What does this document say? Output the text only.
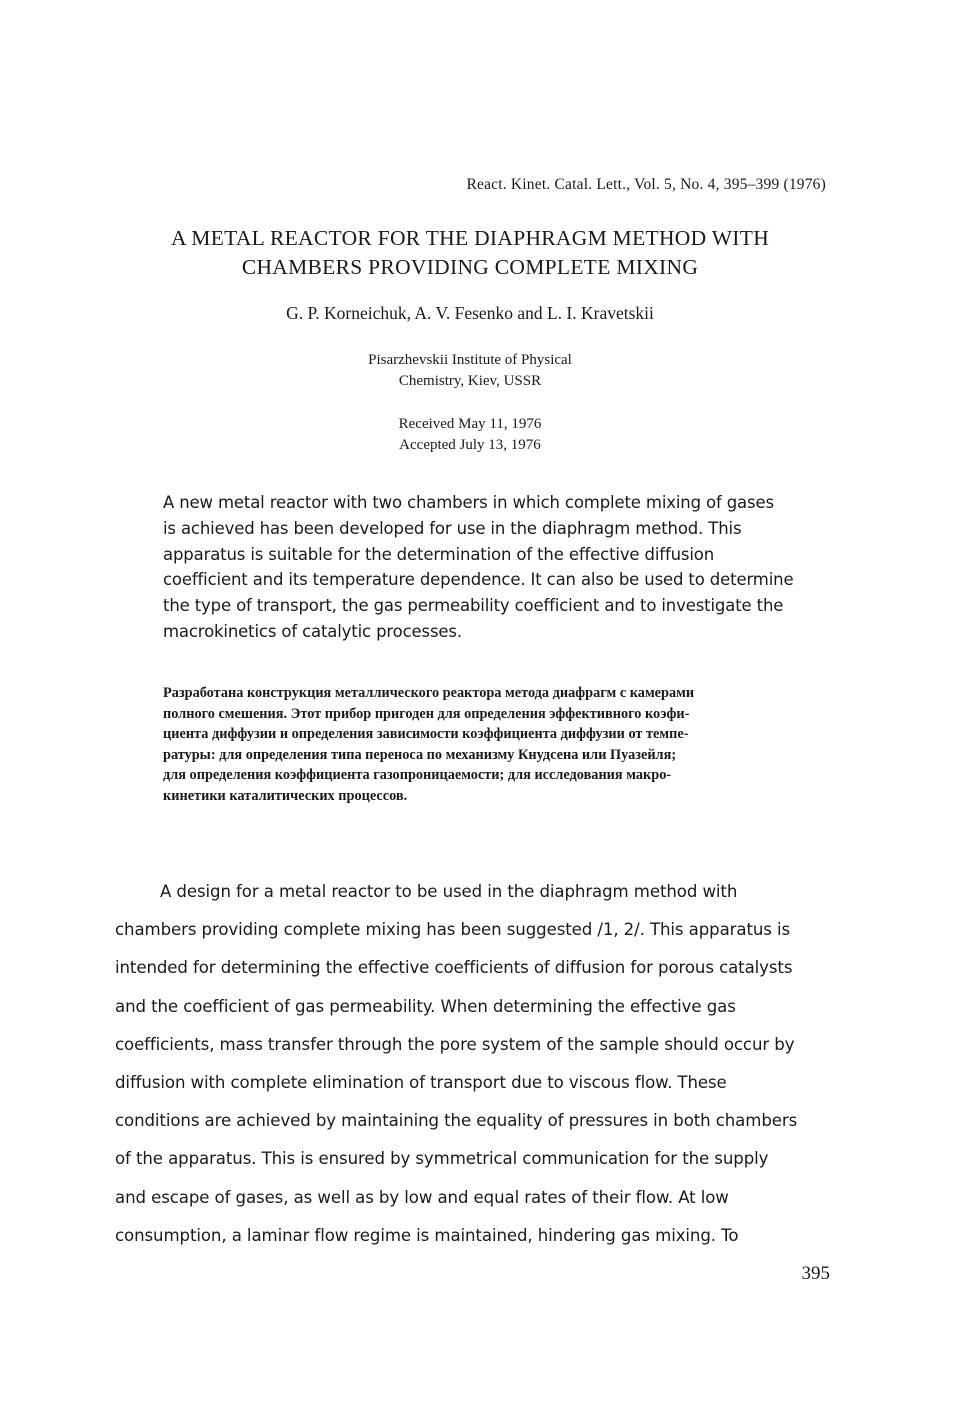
React. Kinet. Catal. Lett., Vol. 5, No. 4, 395–399 (1976)
A METAL REACTOR FOR THE DIAPHRAGM METHOD WITH
CHAMBERS PROVIDING COMPLETE MIXING
G. P. Korneichuk, A. V. Fesenko and L. I. Kravetskii
Pisarzhevskii Institute of Physical
Chemistry, Kiev, USSR
Received May 11, 1976
Accepted July 13, 1976
A new metal reactor with two chambers in which complete mixing of gases
is achieved has been developed for use in the diaphragm method. This
apparatus is suitable for the determination of the effective diffusion
coefficient and its temperature dependence. It can also be used to determine
the type of transport, the gas permeability coefficient and to investigate the
macrokinetics of catalytic processes.
Разработана конструкция металлического реактора метода диафрагм с камерами
полного смешения. Этот прибор пригоден для определения эффективного коэфи-
циента диффузии и определения зависимости коэффициента диффузии от темпе-
ратуры: для определения типа переноса по механизму Кнудсена или Пуазейля;
для определения коэффициента газопроницаемости; для исследования макро-
кинетики каталитических процессов.
A design for a metal reactor to be used in the diaphragm method with
chambers providing complete mixing has been suggested /1, 2/. This apparatus is
intended for determining the effective coefficients of diffusion for porous catalysts
and the coefficient of gas permeability. When determining the effective gas
coefficients, mass transfer through the pore system of the sample should occur by
diffusion with complete elimination of transport due to viscous flow. These
conditions are achieved by maintaining the equality of pressures in both chambers
of the apparatus. This is ensured by symmetrical communication for the supply
and escape of gases, as well as by low and equal rates of their flow. At low
consumption, a laminar flow regime is maintained, hindering gas mixing. To
395
